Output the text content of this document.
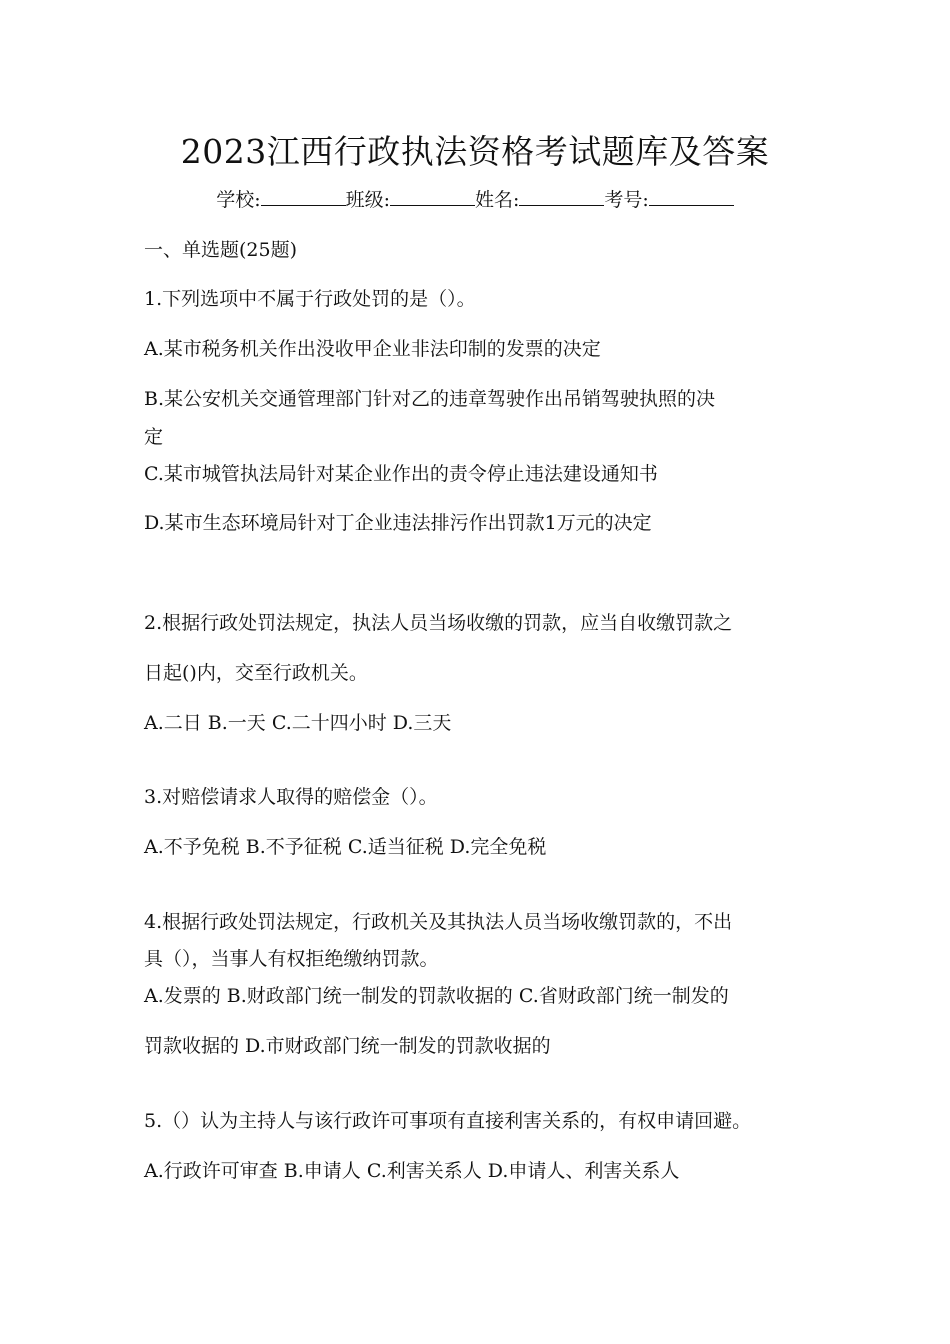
2023江西行政执法资格考试题库及答案
学校:	班级:	姓名:	考号:
一、单选题(25题)
1.下列选项中不属于行政处罚的是（）。
A.某市税务机关作出没收甲企业非法印制的发票的决定
B.某公安机关交通管理部门针对乙的违章驾驶作出吊销驾驶执照的决
定
C.某市城管执法局针对某企业作出的责令停止违法建设通知书
D.某市生态环境局针对丁企业违法排污作出罚款1万元的决定
2.根据行政处罚法规定，执法人员当场收缴的罚款，应当自收缴罚款之
日起()内，交至行政机关。
A.二日 B.一天 C.二十四小时 D.三天
3.对赔偿请求人取得的赔偿金（）。
A.不予免税 B.不予征税 C.适当征税 D.完全免税
4.根据行政处罚法规定，行政机关及其执法人员当场收缴罚款的，不出
具（），当事人有权拒绝缴纳罚款。
A.发票的 B.财政部门统一制发的罚款收据的 C.省财政部门统一制发的
罚款收据的 D.市财政部门统一制发的罚款收据的
5.（）认为主持人与该行政许可事项有直接利害关系的，有权申请回避。
A.行政许可审查 B.申请人 C.利害关系人 D.申请人、利害关系人
